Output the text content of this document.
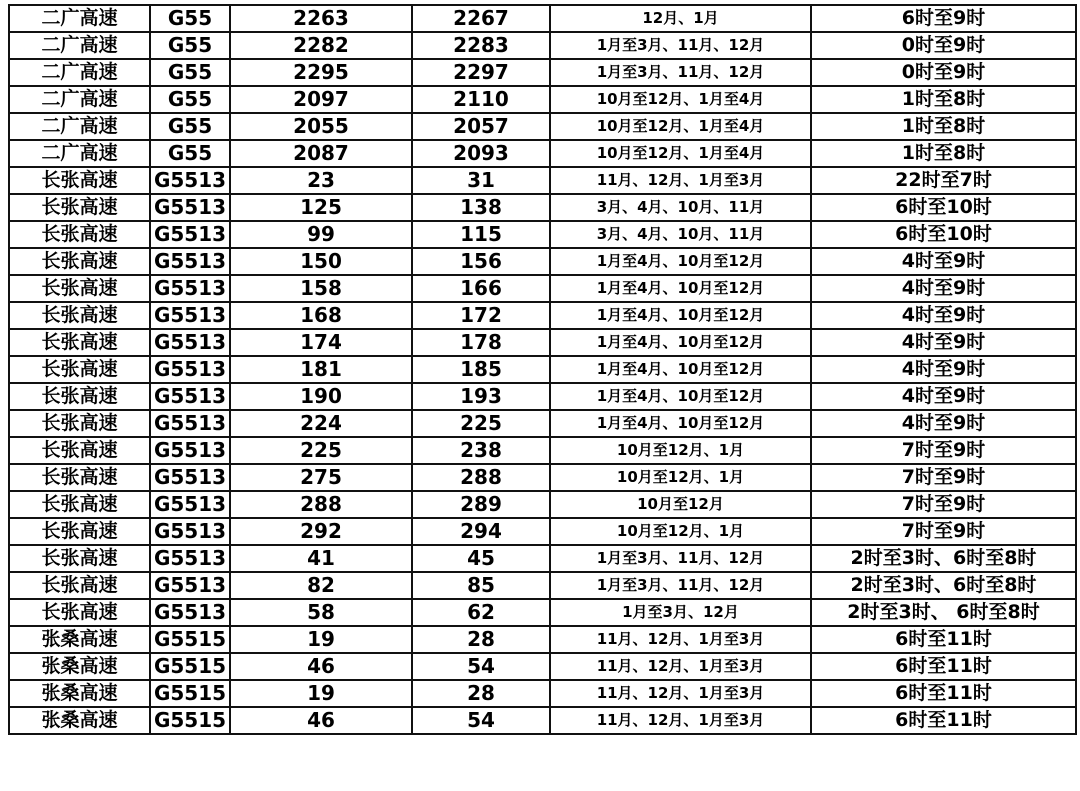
二广高速	G55	2263	2267	12月、1月	6时至9时
二广高速	G55	2282	2283	1月至3月、11月、12月	0时至9时
二广高速	G55	2295	2297	1月至3月、11月、12月	0时至9时
二广高速	G55	2097	2110	10月至12月、1月至4月	1时至8时
二广高速	G55	2055	2057	10月至12月、1月至4月	1时至8时
二广高速	G55	2087	2093	10月至12月、1月至4月	1时至8时
长张高速	G5513	23	31	11月、12月、1月至3月	22时至7时
长张高速	G5513	125	138	3月、4月、10月、11月	6时至10时
长张高速	G5513	99	115	3月、4月、10月、11月	6时至10时
长张高速	G5513	150	156	1月至4月、10月至12月	4时至9时
长张高速	G5513	158	166	1月至4月、10月至12月	4时至9时
长张高速	G5513	168	172	1月至4月、10月至12月	4时至9时
长张高速	G5513	174	178	1月至4月、10月至12月	4时至9时
长张高速	G5513	181	185	1月至4月、10月至12月	4时至9时
长张高速	G5513	190	193	1月至4月、10月至12月	4时至9时
长张高速	G5513	224	225	1月至4月、10月至12月	4时至9时
长张高速	G5513	225	238	10月至12月、1月	7时至9时
长张高速	G5513	275	288	10月至12月、1月	7时至9时
长张高速	G5513	288	289	10月至12月	7时至9时
长张高速	G5513	292	294	10月至12月、1月	7时至9时
长张高速	G5513	41	45	1月至3月、11月、12月	2时至3时、6时至8时
长张高速	G5513	82	85	1月至3月、11月、12月	2时至3时、6时至8时
长张高速	G5513	58	62	1月至3月、12月	2时至3时、 6时至8时
张桑高速	G5515	19	28	11月、12月、1月至3月	6时至11时
张桑高速	G5515	46	54	11月、12月、1月至3月	6时至11时
张桑高速	G5515	19	28	11月、12月、1月至3月	6时至11时
张桑高速	G5515	46	54	11月、12月、1月至3月	6时至11时
